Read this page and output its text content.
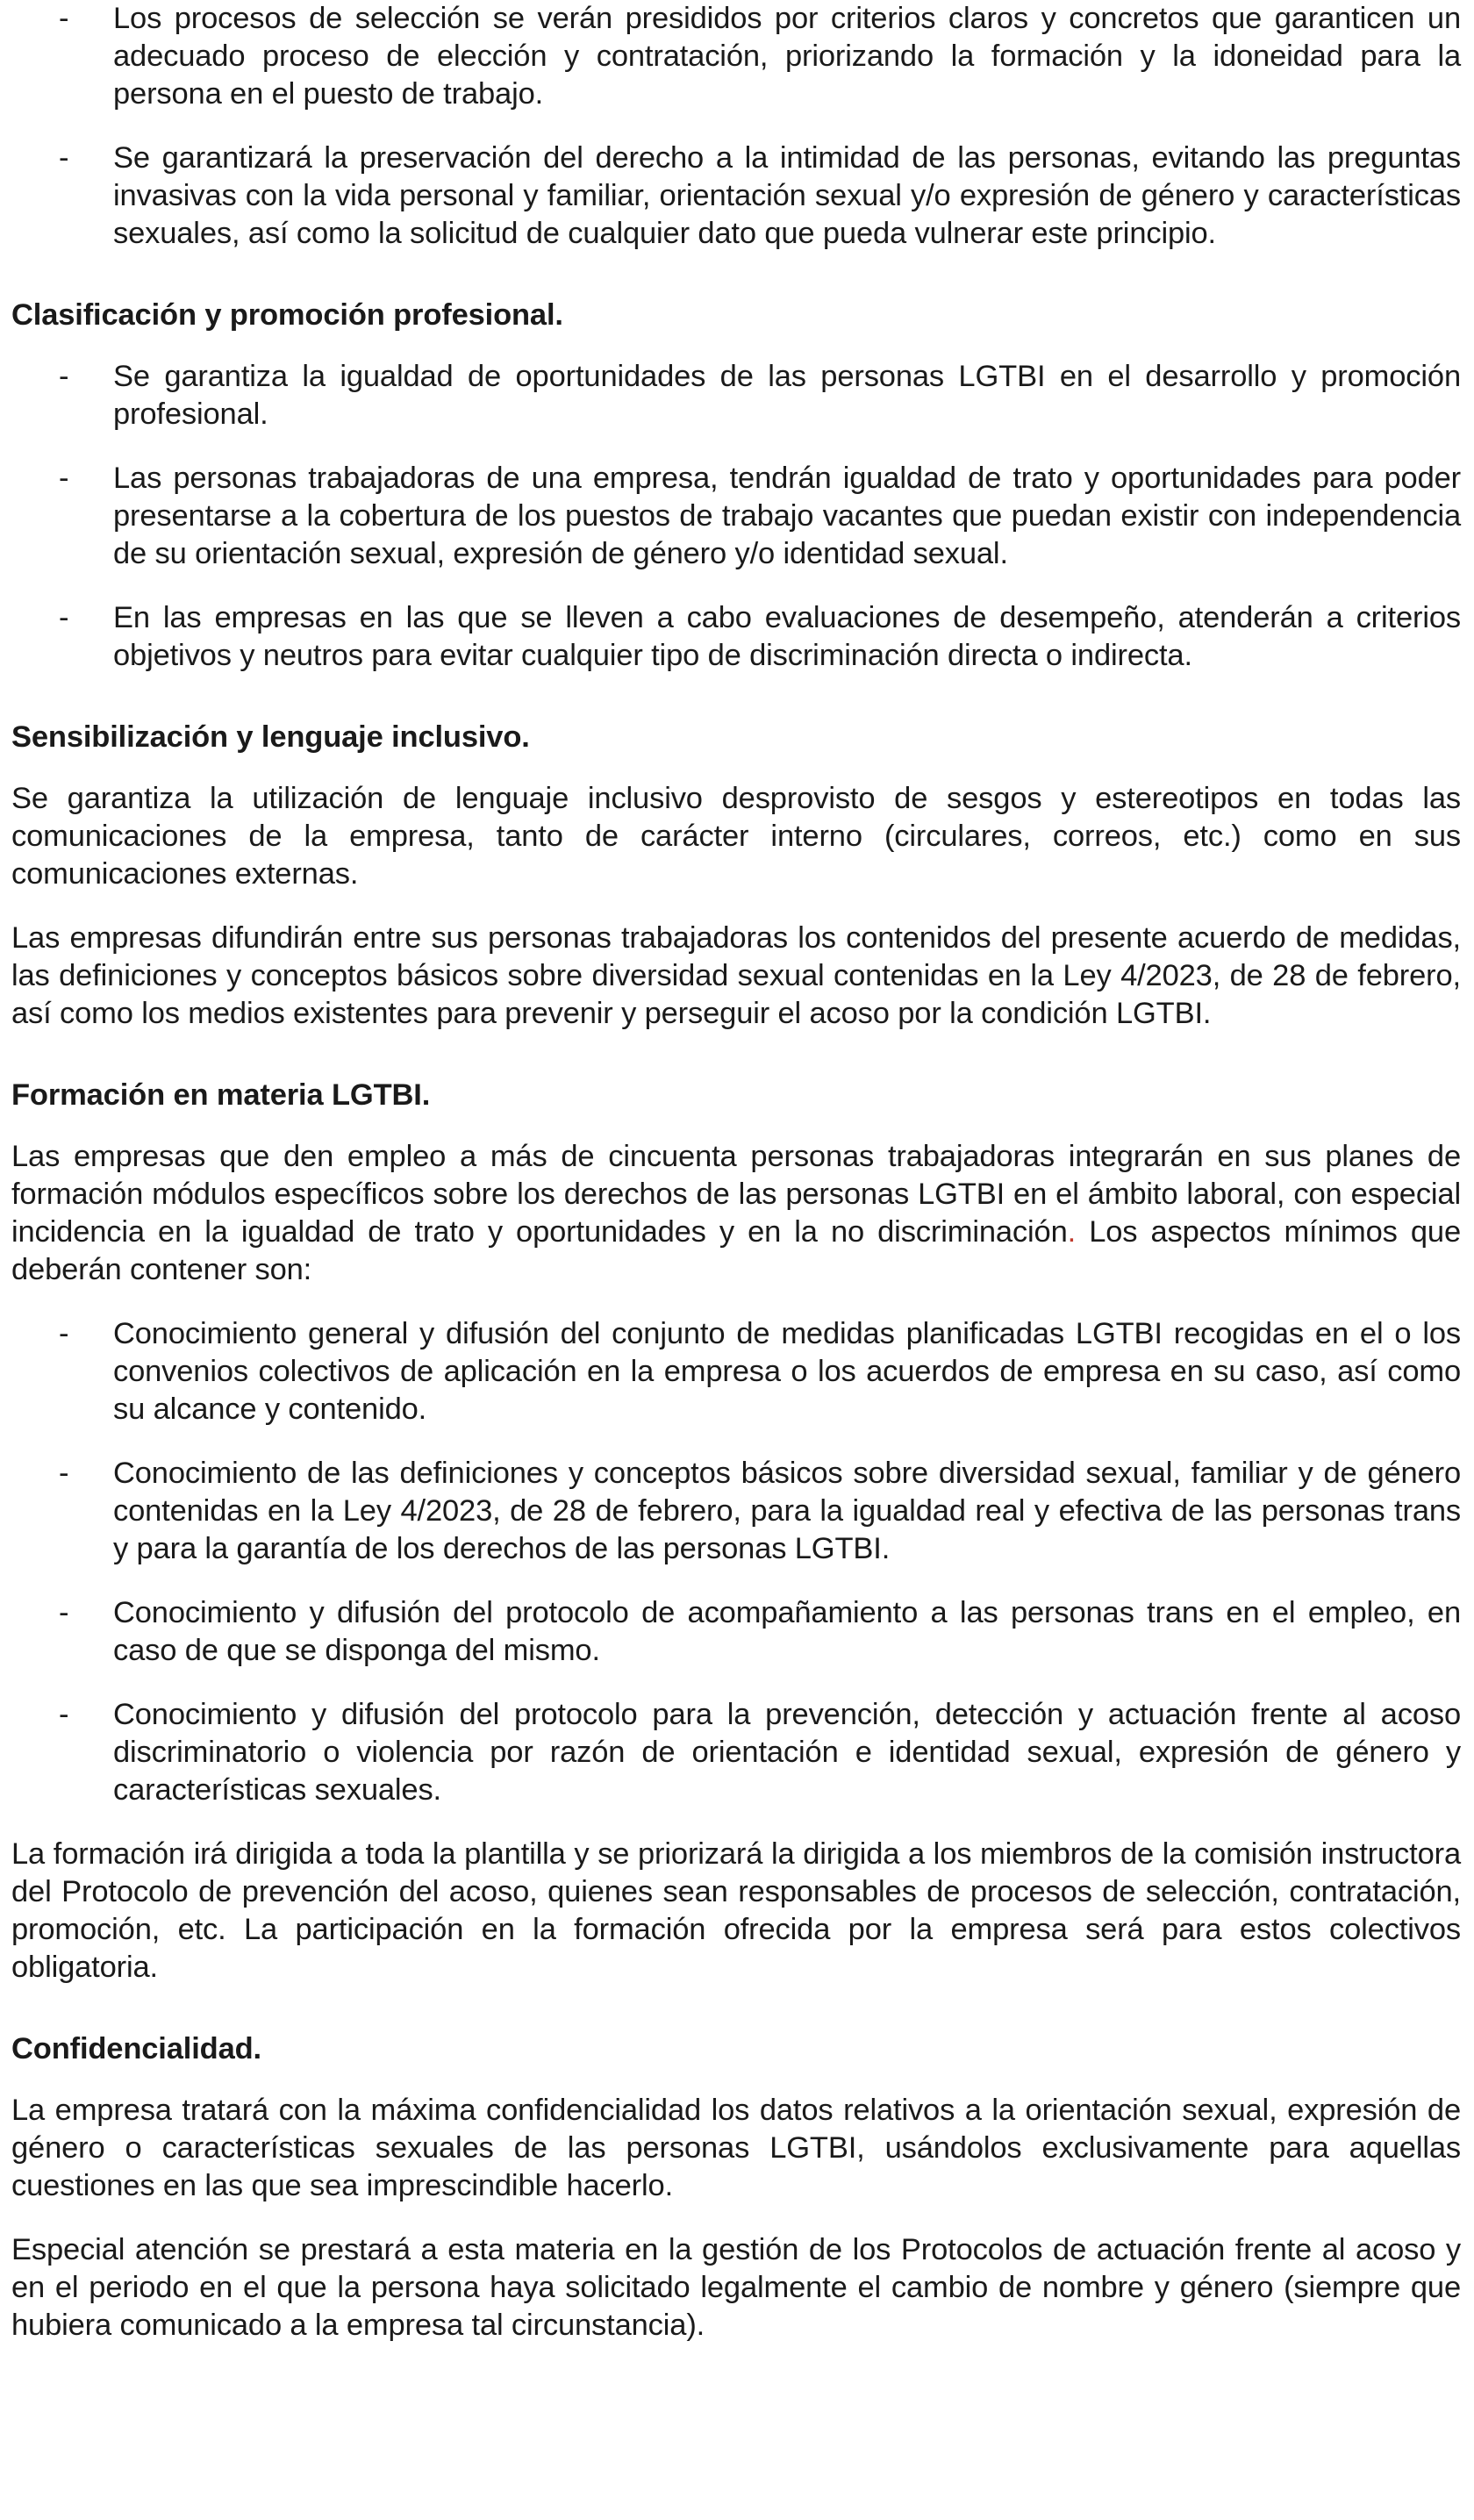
- Los procesos de selección se verán presididos por criterios claros y concretos que garanticen un adecuado proceso de elección y contratación, priorizando la formación y la idoneidad para la persona en el puesto de trabajo.
- Se garantizará la preservación del derecho a la intimidad de las personas, evitando las preguntas invasivas con la vida personal y familiar, orientación sexual y/o expresión de género y características sexuales, así como la solicitud de cualquier dato que pueda vulnerar este principio.

Clasificación y promoción profesional.

- Se garantiza la igualdad de oportunidades de las personas LGTBI en el desarrollo y promoción profesional.
- Las personas trabajadoras de una empresa, tendrán igualdad de trato y oportunidades para poder presentarse a la cobertura de los puestos de trabajo vacantes que puedan existir con independencia de su orientación sexual, expresión de género y/o identidad sexual.
- En las empresas en las que se lleven a cabo evaluaciones de desempeño, atenderán a criterios objetivos y neutros para evitar cualquier tipo de discriminación directa o indirecta.

Sensibilización y lenguaje inclusivo.

Se garantiza la utilización de lenguaje inclusivo desprovisto de sesgos y estereotipos en todas las comunicaciones de la empresa, tanto de carácter interno (circulares, correos, etc.) como en sus comunicaciones externas.

Las empresas difundirán entre sus personas trabajadoras los contenidos del presente acuerdo de medidas, las definiciones y conceptos básicos sobre diversidad sexual contenidas en la Ley 4/2023, de 28 de febrero, así como los medios existentes para prevenir y perseguir el acoso por la condición LGTBI.

Formación en materia LGTBI.

Las empresas que den empleo a más de cincuenta personas trabajadoras integrarán en sus planes de formación módulos específicos sobre los derechos de las personas LGTBI en el ámbito laboral, con especial incidencia en la igualdad de trato y oportunidades y en la no discriminación. Los aspectos mínimos que deberán contener son:

- Conocimiento general y difusión del conjunto de medidas planificadas LGTBI recogidas en el o los convenios colectivos de aplicación en la empresa o los acuerdos de empresa en su caso, así como su alcance y contenido.
- Conocimiento de las definiciones y conceptos básicos sobre diversidad sexual, familiar y de género contenidas en la Ley 4/2023, de 28 de febrero, para la igualdad real y efectiva de las personas trans y para la garantía de los derechos de las personas LGTBI.
- Conocimiento y difusión del protocolo de acompañamiento a las personas trans en el empleo, en caso de que se disponga del mismo.
- Conocimiento y difusión del protocolo para la prevención, detección y actuación frente al acoso discriminatorio o violencia por razón de orientación e identidad sexual, expresión de género y características sexuales.

La formación irá dirigida a toda la plantilla y se priorizará la dirigida a los miembros de la comisión instructora del Protocolo de prevención del acoso, quienes sean responsables de procesos de selección, contratación, promoción, etc. La participación en la formación ofrecida por la empresa será para estos colectivos obligatoria.

Confidencialidad.

La empresa tratará con la máxima confidencialidad los datos relativos a la orientación sexual, expresión de género o características sexuales de las personas LGTBI, usándolos exclusivamente para aquellas cuestiones en las que sea imprescindible hacerlo.

Especial atención se prestará a esta materia en la gestión de los Protocolos de actuación frente al acoso y en el periodo en el que la persona haya solicitado legalmente el cambio de nombre y género (siempre que hubiera comunicado a la empresa tal circunstancia).
